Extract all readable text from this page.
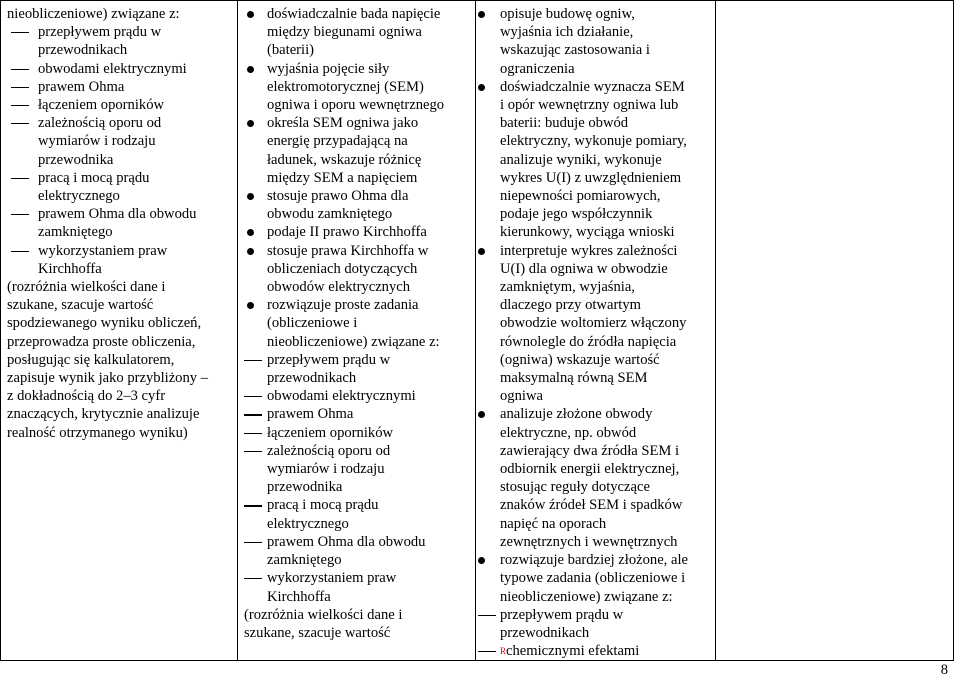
nieobliczeniowe) związane z:
przepływem prądu w
przewodnikach
obwodami elektrycznymi
prawem Ohma
łączeniem oporników
zależnością oporu od
wymiarów i rodzaju
przewodnika
pracą i mocą prądu
elektrycznego
prawem Ohma dla obwodu
zamkniętego
wykorzystaniem praw
Kirchhoffa
(rozróżnia wielkości dane i
szukane, szacuje wartość
spodziewanego wyniku obliczeń,
przeprowadza proste obliczenia,
posługując się kalkulatorem,
zapisuje wynik jako przybliżony –
z dokładnością do 2–3 cyfr
znaczących, krytycznie analizuje
realność otrzymanego wyniku)

doświadczalnie bada napięcie
między biegunami ogniwa
(baterii)
wyjaśnia pojęcie siły
elektromotorycznej (SEM)
ogniwa i oporu wewnętrznego
określa SEM ogniwa jako
energię przypadającą na
ładunek, wskazuje różnicę
między SEM a napięciem
stosuje prawo Ohma dla
obwodu zamkniętego
podaje II prawo Kirchhoffa
stosuje prawa Kirchhoffa w
obliczeniach dotyczących
obwodów elektrycznych
rozwiązuje proste zadania
(obliczeniowe i
nieobliczeniowe) związane z:
przepływem prądu w
przewodnikach
obwodami elektrycznymi
prawem Ohma
łączeniem oporników
zależnością oporu od
wymiarów i rodzaju
przewodnika
pracą i mocą prądu
elektrycznego
prawem Ohma dla obwodu
zamkniętego
wykorzystaniem praw
Kirchhoffa
(rozróżnia wielkości dane i
szukane, szacuje wartość

opisuje budowę ogniw,
wyjaśnia ich działanie,
wskazując zastosowania i
ograniczenia
doświadczalnie wyznacza SEM
i opór wewnętrzny ogniwa lub
baterii: buduje obwód
elektryczny, wykonuje pomiary,
analizuje wyniki, wykonuje
wykres U(I) z uwzględnieniem
niepewności pomiarowych,
podaje jego współczynnik
kierunkowy, wyciąga wnioski
interpretuje wykres zależności
U(I) dla ogniwa w obwodzie
zamkniętym, wyjaśnia,
dlaczego przy otwartym
obwodzie woltomierz włączony
równolegle do źródła napięcia
(ogniwa) wskazuje wartość
maksymalną równą SEM
ogniwa
analizuje złożone obwody
elektryczne, np. obwód
zawierający dwa źródła SEM i
odbiornik energii elektrycznej,
stosując reguły dotyczące
znaków źródeł SEM i spadków
napięć na oporach
zewnętrznych i wewnętrznych
rozwiązuje bardziej złożone, ale
typowe zadania (obliczeniowe i
nieobliczeniowe) związane z:
przepływem prądu w
przewodnikach
$^R$chemicznymi efektami

8
